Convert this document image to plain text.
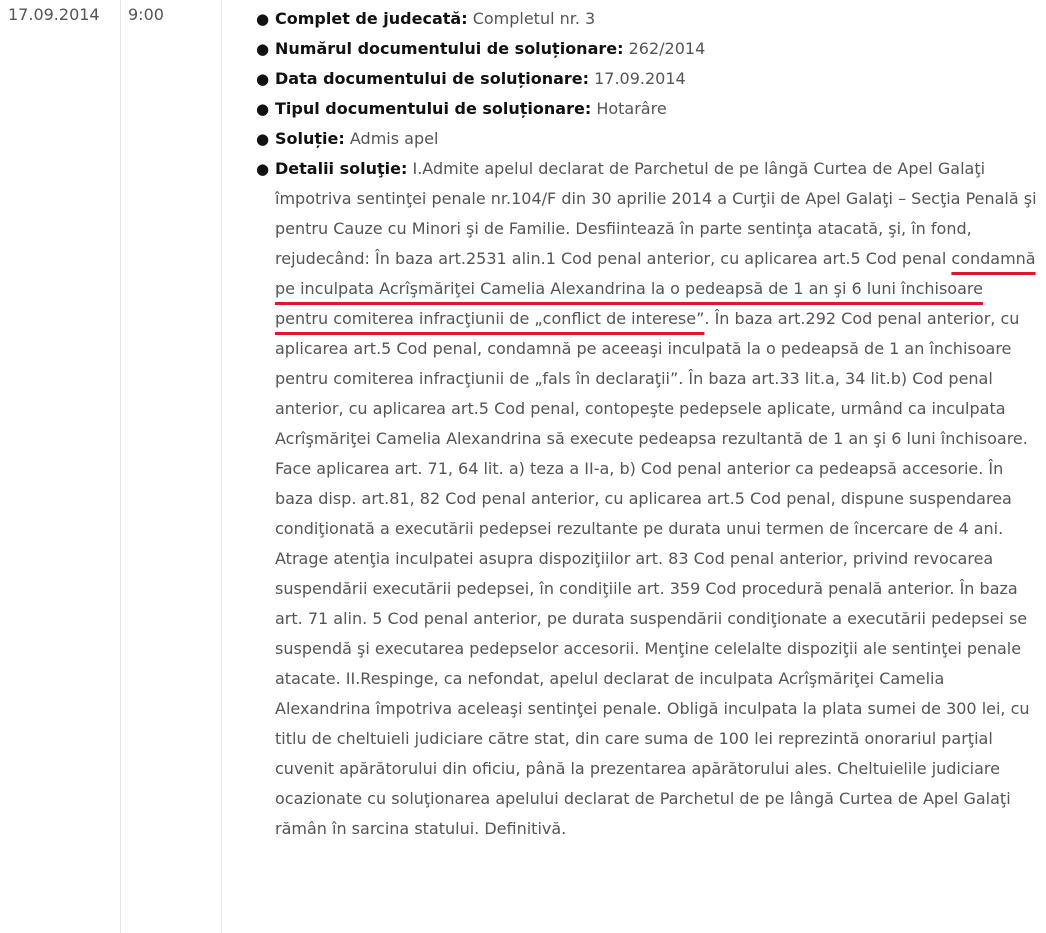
17.09.2014 9:00	● Complet de judecată: Completul nr. 3
● Numărul documentului de soluționare: 262/2014
● Data documentului de soluționare: 17.09.2014
● Tipul documentului de soluționare: Hotarâre
● Soluție: Admis apel
● Detalii soluţie: I.Admite apelul declarat de Parchetul de pe lângă Curtea de Apel Galaţi împotriva sentinţei penale nr.104/F din 30 aprilie 2014 a Curţii de Apel Galaţi – Secţia Penală şi pentru Cauze cu Minori şi de Familie. Desfiintează în parte sentinţa atacată, şi, în fond, rejudecând: În baza art.2531 alin.1 Cod penal anterior, cu aplicarea art.5 Cod penal condamnă pe inculpata Acrîşmăriţei Camelia Alexandrina la o pedeapsă de 1 an şi 6 luni închisoare pentru comiterea infracţiunii de „conflict de interese”. În baza art.292 Cod penal anterior, cu aplicarea art.5 Cod penal, condamnă pe aceeaşi inculpată la o pedeapsă de 1 an închisoare pentru comiterea infracţiunii de „fals în declaraţii”. În baza art.33 lit.a, 34 lit.b) Cod penal anterior, cu aplicarea art.5 Cod penal, contopeşte pedepsele aplicate, urmând ca inculpata Acrîşmăriţei Camelia Alexandrina să execute pedeapsa rezultantă de 1 an şi 6 luni închisoare. Face aplicarea art. 71, 64 lit. a) teza a II-a, b) Cod penal anterior ca pedeapsă accesorie. În baza disp. art.81, 82 Cod penal anterior, cu aplicarea art.5 Cod penal, dispune suspendarea condiţionată a executării pedepsei rezultante pe durata unui termen de încercare de 4 ani. Atrage atenţia inculpatei asupra dispoziţiilor art. 83 Cod penal anterior, privind revocarea suspendării executării pedepsei, în condiţiile art. 359 Cod procedură penală anterior. În baza art. 71 alin. 5 Cod penal anterior, pe durata suspendării condiţionate a executării pedepsei se suspendă şi executarea pedepselor accesorii. Menţine celelalte dispoziţii ale sentinţei penale atacate. II.Respinge, ca nefondat, apelul declarat de inculpata Acrîşmăriţei Camelia Alexandrina împotriva aceleaşi sentinţei penale. Obligă inculpata la plata sumei de 300 lei, cu titlu de cheltuieli judiciare către stat, din care suma de 100 lei reprezintă onorariul parţial cuvenit apărătorului din oficiu, până la prezentarea apărătorului ales. Cheltuielile judiciare ocazionate cu soluţionarea apelului declarat de Parchetul de pe lângă Curtea de Apel Galaţi rămân în sarcina statului. Definitivă.
